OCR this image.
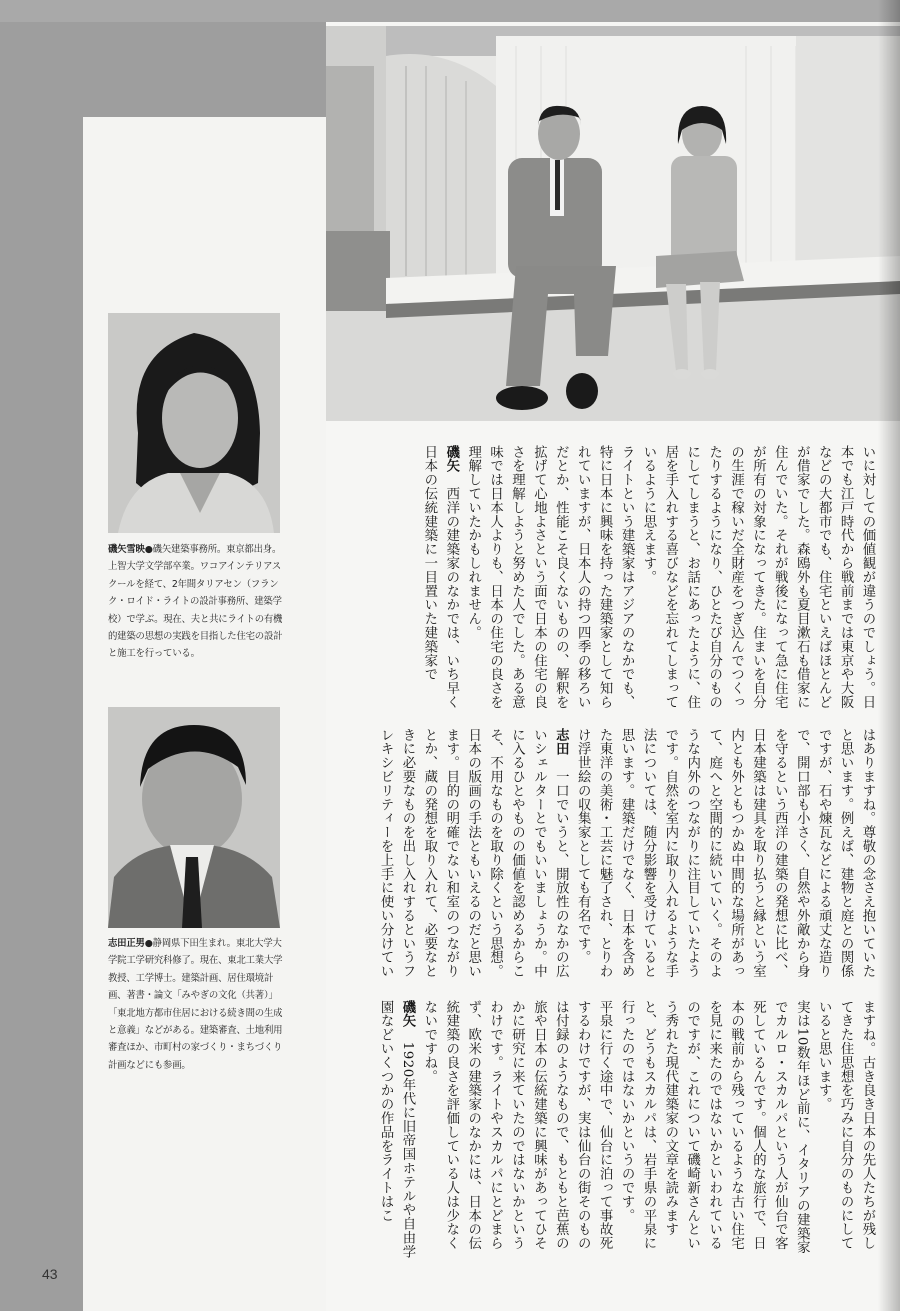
磯矢雪映●磯矢建築事務所。東京都出身。上智大学文学部卒業。ワコアインテリアスクールを経て、2年間タリアセン（フランク・ロイド・ライトの設計事務所、建築学校）で学ぶ。現在、夫と共にライトの有機的建築の思想の実践を目指した住宅の設計と施工を行っている。
志田正男●静岡県下田生まれ。東北大学大学院工学研究科修了。現在、東北工業大学教授、工学博士。建築計画、居住環境計画、著書・論文「みやぎの文化（共著）」「東北地方都市住居における続き間の生成と意義」などがある。建築審査、土地利用審査ほか、市町村の家づくり・まちづくり計画などにも参画。

いに対しての価値観が違うのでしょう。日本でも江戸時代から戦前までは東京や大阪などの大都市でも、住宅といえばほとんどが借家でした。森鴎外も夏目漱石も借家に住んでいた。それが戦後になって急に住宅が所有の対象になってきた。住まいを自分の生涯で稼いだ全財産をつぎ込んでつくったりするようになり、ひとたび自分のものにしてしまうと、お話にあったように、住居を手入れする喜びなどを忘れてしまっているように思えます。

ライトという建築家はアジアのなかでも、特に日本に興味を持った建築家として知られていますが、日本人の持つ四季の移ろいだとか、性能こそ良くないものの、解釈を拡げて心地よさという面で日本の住宅の良さを理解しようと努めた人でした。ある意味では日本人よりも、日本の住宅の良さを理解していたかもしれません。

磯矢　西洋の建築家のなかでは、いち早く日本の伝統建築に一目置いた建築家で

はありますね。尊敬の念さえ抱いていたと思います。例えば、建物と庭との関係ですが、石や煉瓦などによる頑丈な造りで、開口部も小さく、自然や外敵から身を守るという西洋の建築の発想に比べ、日本建築は建具を取り払うと縁という室内とも外ともつかぬ中間的な場所があって、庭へと空間的に続いていく。そのような内外のつながりに注目していたようです。自然を室内に取り入れるような手法については、随分影響を受けていると思います。建築だけでなく、日本を含めた東洋の美術・工芸に魅了され、とりわけ浮世絵の収集家としても有名です。

志田　一口でいうと、開放性のなかの広いシェルターとでもいいましょうか。中に入るひとやものの価値を認めるからこそ、不用なものを取り除くという思想。日本の版画の手法ともいえるのだと思います。目的の明確でない和室のつながりとか、蔵の発想を取り入れて、必要なときに必要なものを出し入れするというフレキシビリティーを上手に使い分けてい

ますね。古き良き日本の先人たちが残してきた住思想を巧みに自分のものにしていると思います。

実は10数年ほど前に、イタリアの建築家でカルロ・スカルパという人が仙台で客死しているんです。個人的な旅行で、日本の戦前から残っているような古い住宅を見に来たのではないかといわれているのですが、これについて磯崎新さんという秀れた現代建築家の文章を読みますと、どうもスカルパは、岩手県の平泉に行ったのではないかというのです。

平泉に行く途中で、仙台に泊って事故死するわけですが、実は仙台の街そのものは付録のようなもので、もともと芭蕉の旅や日本の伝統建築に興味があってひそかに研究に来ていたのではないかというわけです。ライトやスカルパにとどまらず、欧米の建築家のなかには、日本の伝統建築の良さを評価している人は少なくないですね。

磯矢　1920年代に旧帝国ホテルや自由学園などいくつかの作品をライトはこ

43
